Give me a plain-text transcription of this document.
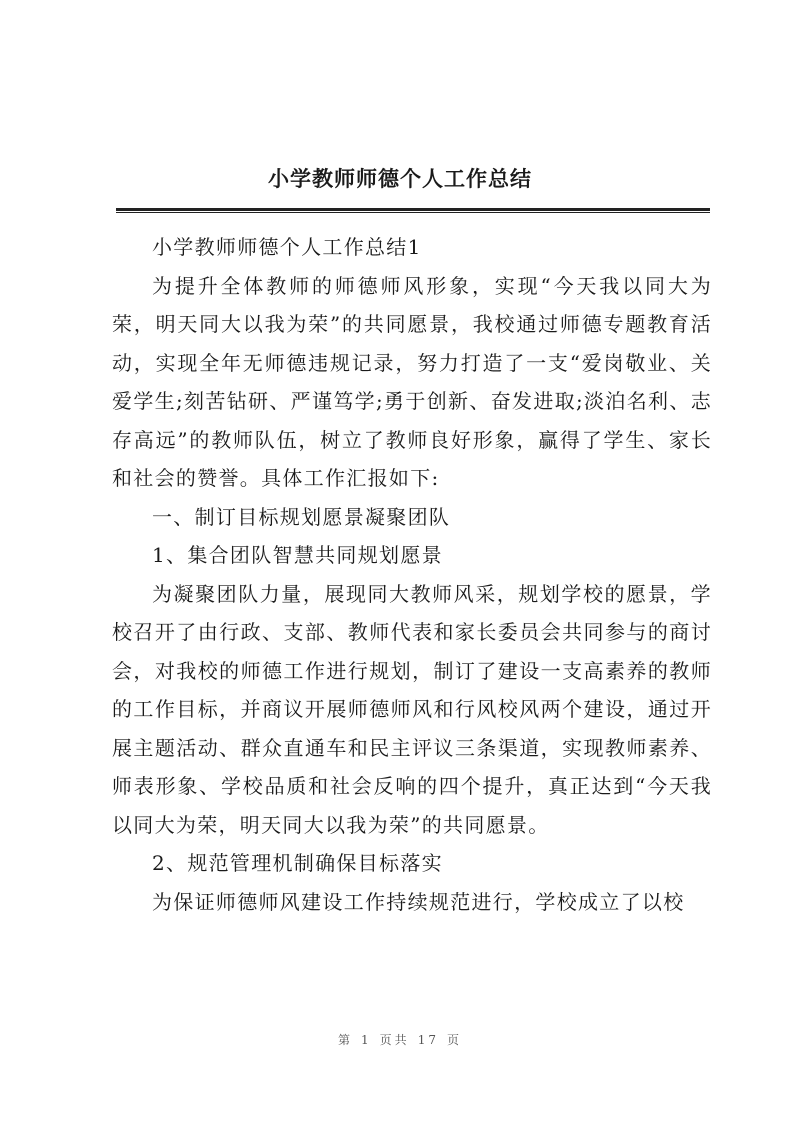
小学教师师德个人工作总结

小学教师师德个人工作总结1

为提升全体教师的师德师风形象，实现“今天我以同大为荣，明天同大以我为荣”的共同愿景，我校通过师德专题教育活动，实现全年无师德违规记录，努力打造了一支“爱岗敬业、关爱学生;刻苦钻研、严谨笃学;勇于创新、奋发进取;淡泊名利、志存高远”的教师队伍，树立了教师良好形象，赢得了学生、家长和社会的赞誉。具体工作汇报如下:

一、制订目标规划愿景凝聚团队

1、集合团队智慧共同规划愿景

为凝聚团队力量，展现同大教师风采，规划学校的愿景，学校召开了由行政、支部、教师代表和家长委员会共同参与的商讨会，对我校的师德工作进行规划，制订了建设一支高素养的教师的工作目标，并商议开展师德师风和行风校风两个建设，通过开展主题活动、群众直通车和民主评议三条渠道，实现教师素养、师表形象、学校品质和社会反响的四个提升，真正达到“今天我以同大为荣，明天同大以我为荣”的共同愿景。

2、规范管理机制确保目标落实

为保证师德师风建设工作持续规范进行，学校成立了以校

第 1 页共 17 页
